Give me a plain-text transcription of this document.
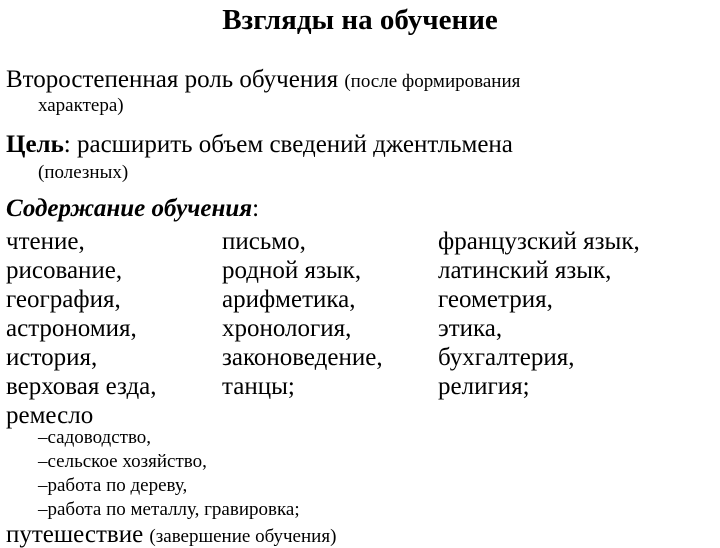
Взгляды на обучение
Второстепенная роль обучения (после формирования
характера)
Цель: расширить объем сведений джентльмена
(полезных)
Содержание обучения:
чтение,
рисование,
география,
астрономия,
история,
верховая езда,
ремесло
письмо,
родной язык,
арифметика,
хронология,
законоведение,
танцы;
французский язык,
латинский язык,
геометрия,
этика,
бухгалтерия,
религия;
–садоводство,
–сельское хозяйство,
–работа по дереву,
–работа по металлу, гравировка;
путешествие (завершение обучения)
